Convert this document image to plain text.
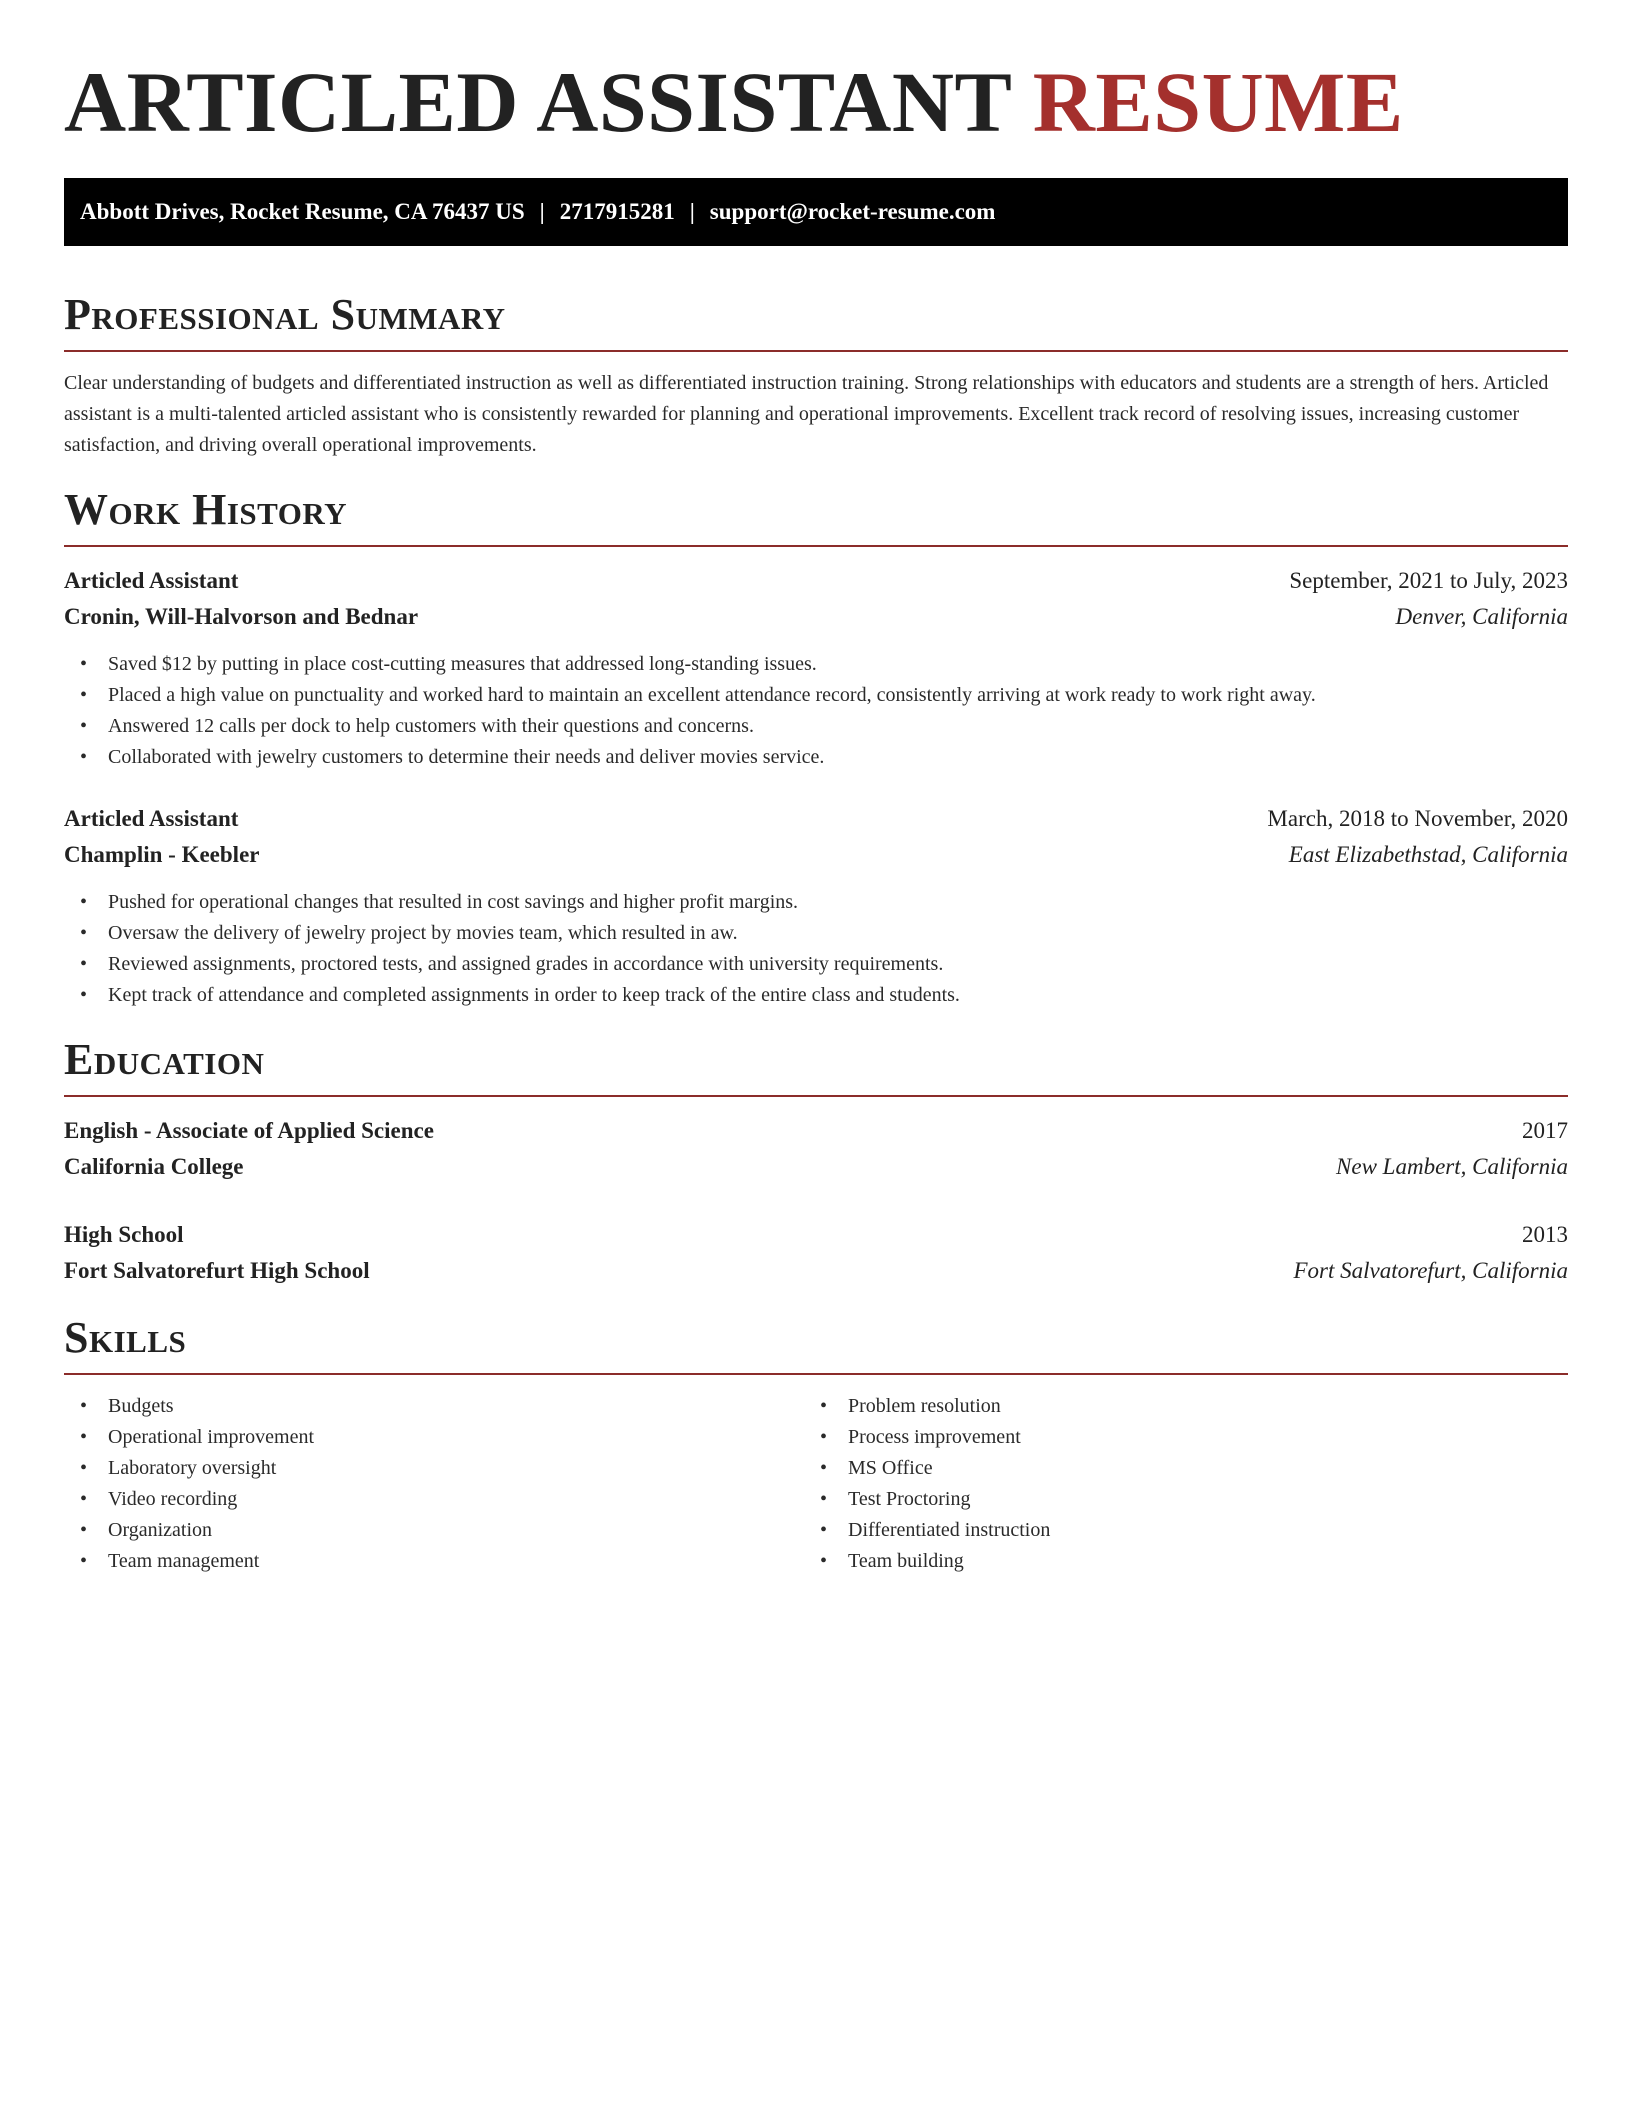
ARTICLED ASSISTANT RESUME
Abbott Drives, Rocket Resume, CA 76437 US | 2717915281 | support@rocket-resume.com
Professional Summary

Clear understanding of budgets and differentiated instruction as well as differentiated instruction training. Strong relationships with educators and students are a strength of hers. Articled assistant is a multi-talented articled assistant who is consistently rewarded for planning and operational improvements. Excellent track record of resolving issues, increasing customer satisfaction, and driving overall operational improvements.

Work History
Articled Assistant	September, 2021 to July, 2023
Cronin, Will-Halvorson and Bednar	Denver, California
• Saved $12 by putting in place cost-cutting measures that addressed long-standing issues.
• Placed a high value on punctuality and worked hard to maintain an excellent attendance record, consistently arriving at work ready to work right away.
• Answered 12 calls per dock to help customers with their questions and concerns.
• Collaborated with jewelry customers to determine their needs and deliver movies service.
Articled Assistant	March, 2018 to November, 2020
Champlin - Keebler	East Elizabethstad, California
• Pushed for operational changes that resulted in cost savings and higher profit margins.
• Oversaw the delivery of jewelry project by movies team, which resulted in aw.
• Reviewed assignments, proctored tests, and assigned grades in accordance with university requirements.
• Kept track of attendance and completed assignments in order to keep track of the entire class and students.
Education
English - Associate of Applied Science	2017
California College	New Lambert, California
High School	2013
Fort Salvatorefurt High School	Fort Salvatorefurt, California
Skills
• Budgets
• Operational improvement
• Laboratory oversight
• Video recording
• Organization
• Team management
• Problem resolution
• Process improvement
• MS Office
• Test Proctoring
• Differentiated instruction
• Team building
